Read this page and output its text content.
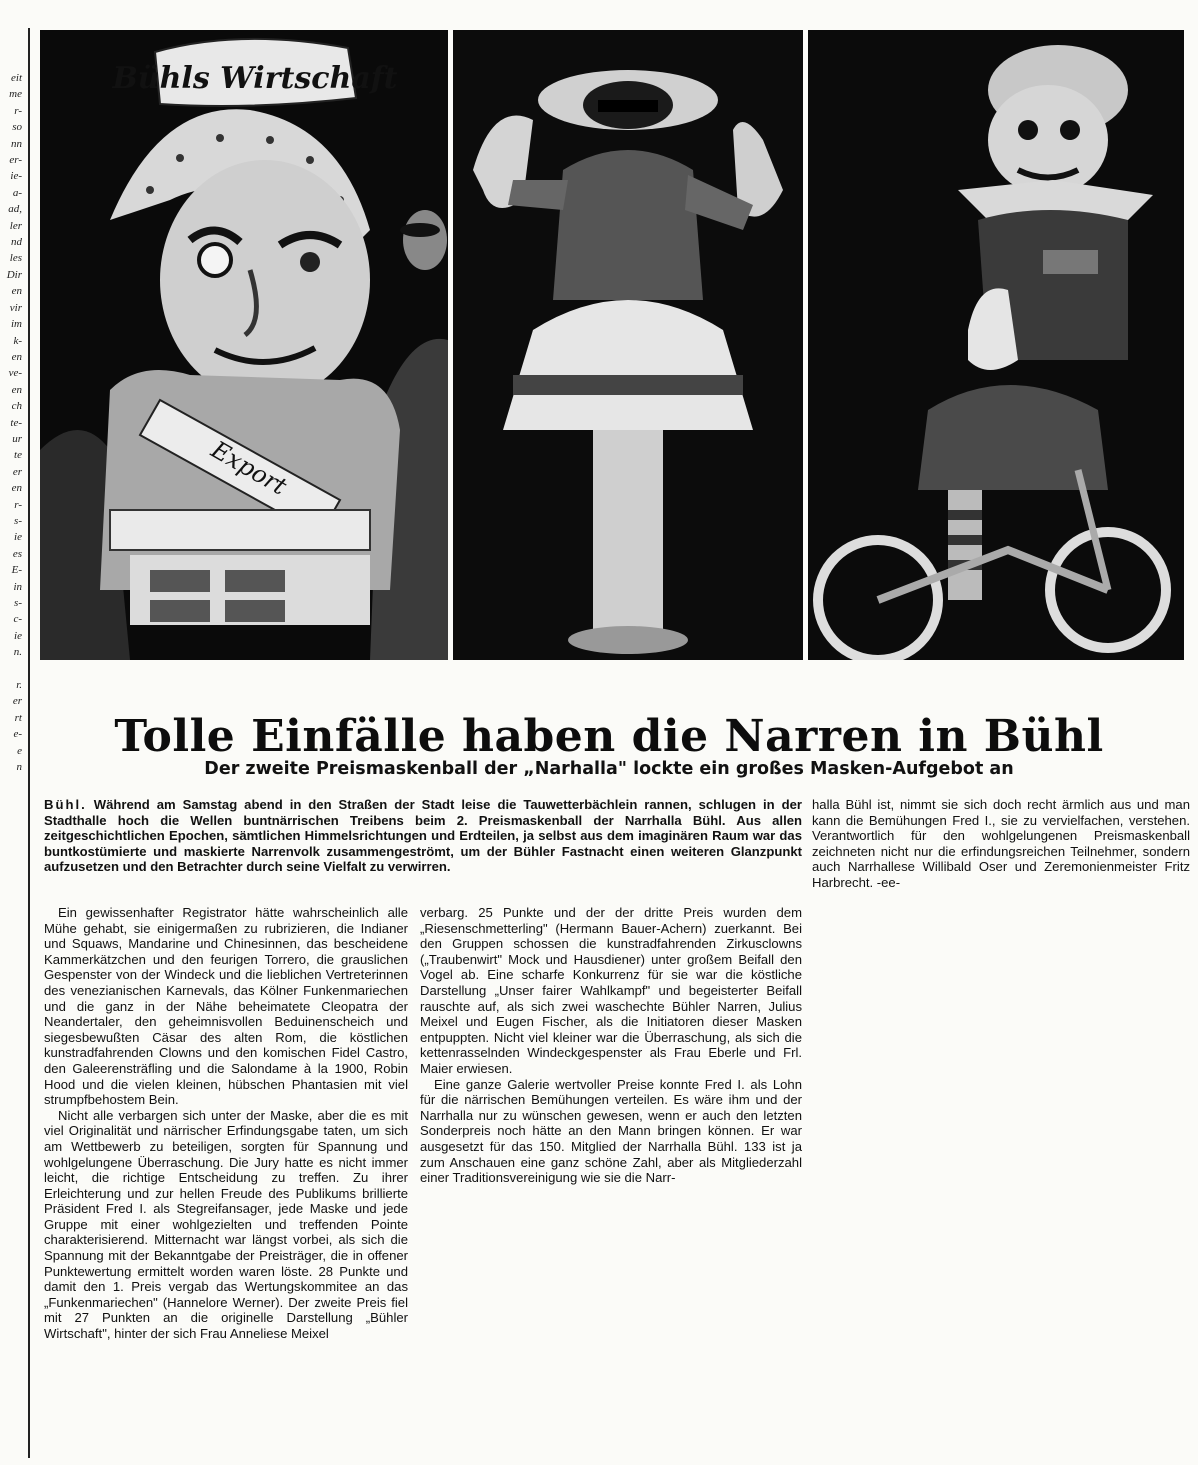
eit
me
r-
so
nn
er-
ie-
a-
ad,
ler
nd
les
Dir
en
vir
im
k-
en
ve-
en
ch
te-
ur
te
er
en
r-
s-
ie
es
E-
in
s-
c-
ie
n.

r.
er
rt
e-
e
n
Bühls Wirtschaft
Export
Tolle Einfälle haben die Narren in Bühl
Der zweite Preismaskenball der „Narhalla" lockte ein großes Masken-Aufgebot an
Bühl. Während am Samstag abend in den Straßen der Stadt leise die Tauwetterbächlein rannen, schlugen in der Stadthalle hoch die Wellen buntnärrischen Treibens beim 2. Preismaskenball der Narrhalla Bühl. Aus allen zeitgeschichtlichen Epochen, sämtlichen Himmelsrichtungen und Erdteilen, ja selbst aus dem imaginären Raum war das buntkostümierte und maskierte Narrenvolk zusammengeströmt, um der Bühler Fastnacht einen weiteren Glanzpunkt aufzusetzen und den Betrachter durch seine Vielfalt zu verwirren.

Ein gewissenhafter Registrator hätte wahrscheinlich alle Mühe gehabt, sie einigermaßen zu rubrizieren, die Indianer und Squaws, Mandarine und Chinesinnen, das bescheidene Kammerkätzchen und den feurigen Torrero, die grauslichen Gespenster von der Windeck und die lieblichen Vertreterinnen des venezianischen Karnevals, das Kölner Funkenmariechen und die ganz in der Nähe beheimatete Cleopatra der Neandertaler, den geheimnisvollen Beduinenscheich und siegesbewußten Cäsar des alten Rom, die köstlichen kunstradfahrenden Clowns und den komischen Fidel Castro, den Galeerensträfling und die Salondame à la 1900, Robin Hood und die vielen kleinen, hübschen Phantasien mit viel strumpfbehostem Bein.

Nicht alle verbargen sich unter der Maske, aber die es mit viel Originalität und närrischer Erfindungsgabe taten, um sich am Wettbewerb zu beteiligen, sorgten für Spannung und wohlgelungene Überraschung. Die Jury hatte es nicht immer leicht, die richtige Entscheidung zu treffen. Zu ihrer Erleichterung und zur hellen Freude des Publikums brillierte Präsident Fred I. als Stegreifansager, jede Maske und jede Gruppe mit einer wohlgezielten und treffenden Pointe charakterisierend. Mitternacht war längst vorbei, als sich die Spannung mit der Bekanntgabe der Preisträger, die in offener Punktewertung ermittelt worden waren löste. 28 Punkte und damit den 1. Preis vergab das Wertungskommitee an das „Funkenmariechen" (Hannelore Werner). Der zweite Preis fiel mit 27 Punkten an die originelle Darstellung „Bühler Wirtschaft", hinter der sich Frau Anneliese Meixel

verbarg. 25 Punkte und der der dritte Preis wurden dem „Riesenschmetterling" (Hermann Bauer-Achern) zuerkannt. Bei den Gruppen schossen die kunstradfahrenden Zirkusclowns („Traubenwirt" Mock und Hausdiener) unter großem Beifall den Vogel ab. Eine scharfe Konkurrenz für sie war die köstliche Darstellung „Unser fairer Wahlkampf" und begeisterter Beifall rauschte auf, als sich zwei waschechte Bühler Narren, Julius Meixel und Eugen Fischer, als die Initiatoren dieser Masken entpuppten. Nicht viel kleiner war die Überraschung, als sich die kettenrasselnden Windeckgespenster als Frau Eberle und Frl. Maier erwiesen.

Eine ganze Galerie wertvoller Preise konnte Fred I. als Lohn für die närrischen Bemühungen verteilen. Es wäre ihm und der Narrhalla nur zu wünschen gewesen, wenn er auch den letzten Sonderpreis noch hätte an den Mann bringen können. Er war ausgesetzt für das 150. Mitglied der Narrhalla Bühl. 133 ist ja zum Anschauen eine ganz schöne Zahl, aber als Mitgliederzahl einer Traditionsvereinigung wie sie die Narr-

halla Bühl ist, nimmt sie sich doch recht ärmlich aus und man kann die Bemühungen Fred I., sie zu vervielfachen, verstehen. Verantwortlich für den wohlgelungenen Preismaskenball zeichneten nicht nur die erfindungsreichen Teilnehmer, sondern auch Narrhallese Willibald Oser und Zeremonienmeister Fritz Harbrecht. -ee-
